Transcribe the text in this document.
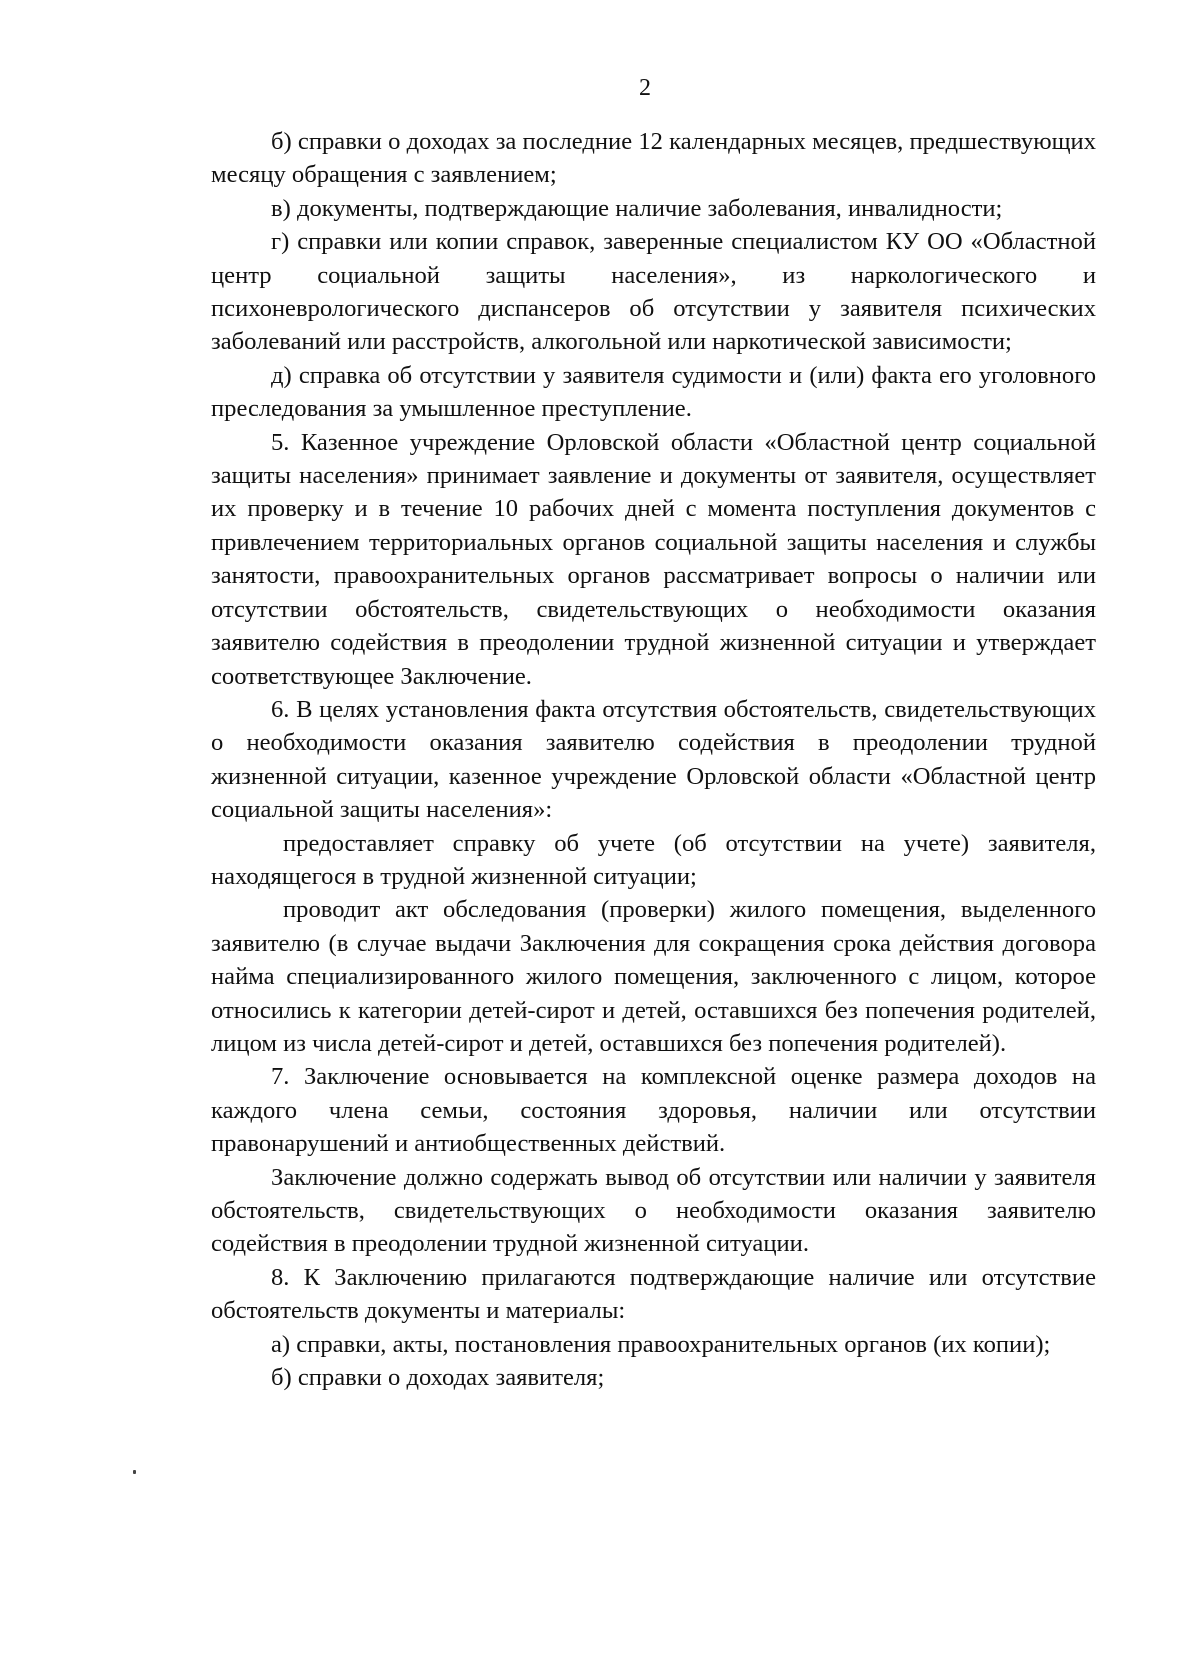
2

б) справки о доходах за последние 12 календарных месяцев, предшествующих месяцу обращения с заявлением;

в) документы, подтверждающие наличие заболевания, инвалидности;

г) справки или копии справок, заверенные специалистом КУ ОО «Областной центр социальной защиты населения», из наркологического и психоневрологического диспансеров об отсутствии у заявителя психических заболеваний или расстройств, алкогольной или наркотической зависимости;

д) справка об отсутствии у заявителя судимости и (или) факта его уголовного преследования за умышленное преступление.

5. Казенное учреждение Орловской области «Областной центр социальной защиты населения» принимает заявление и документы от заявителя, осуществляет их проверку и в течение 10 рабочих дней с момента поступления документов с привлечением территориальных органов социальной защиты населения и службы занятости, правоохранительных органов рассматривает вопросы о наличии или отсутствии обстоятельств, свидетельствующих о необходимости оказания заявителю содействия в преодолении трудной жизненной ситуации и утверждает соответствующее Заключение.

6. В целях установления факта отсутствия обстоятельств, свидетельствующих о необходимости оказания заявителю содействия в преодолении трудной жизненной ситуации, казенное учреждение Орловской области «Областной центр социальной защиты населения»:

предоставляет справку об учете (об отсутствии на учете) заявителя, находящегося в трудной жизненной ситуации;

проводит акт обследования (проверки) жилого помещения, выделенного заявителю (в случае выдачи Заключения для сокращения срока действия договора найма специализированного жилого помещения, заключенного с лицом, которое относились к категории детей-сирот и детей, оставшихся без попечения родителей, лицом из числа детей-сирот и детей, оставшихся без попечения родителей).

7. Заключение основывается на комплексной оценке размера доходов на каждого члена семьи, состояния здоровья, наличии или отсутствии правонарушений и антиобщественных действий.

Заключение должно содержать вывод об отсутствии или наличии у заявителя обстоятельств, свидетельствующих о необходимости оказания заявителю содействия в преодолении трудной жизненной ситуации.

8. К Заключению прилагаются подтверждающие наличие или отсутствие обстоятельств документы и материалы:

а) справки, акты, постановления правоохранительных органов (их копии);

б) справки о доходах заявителя;
